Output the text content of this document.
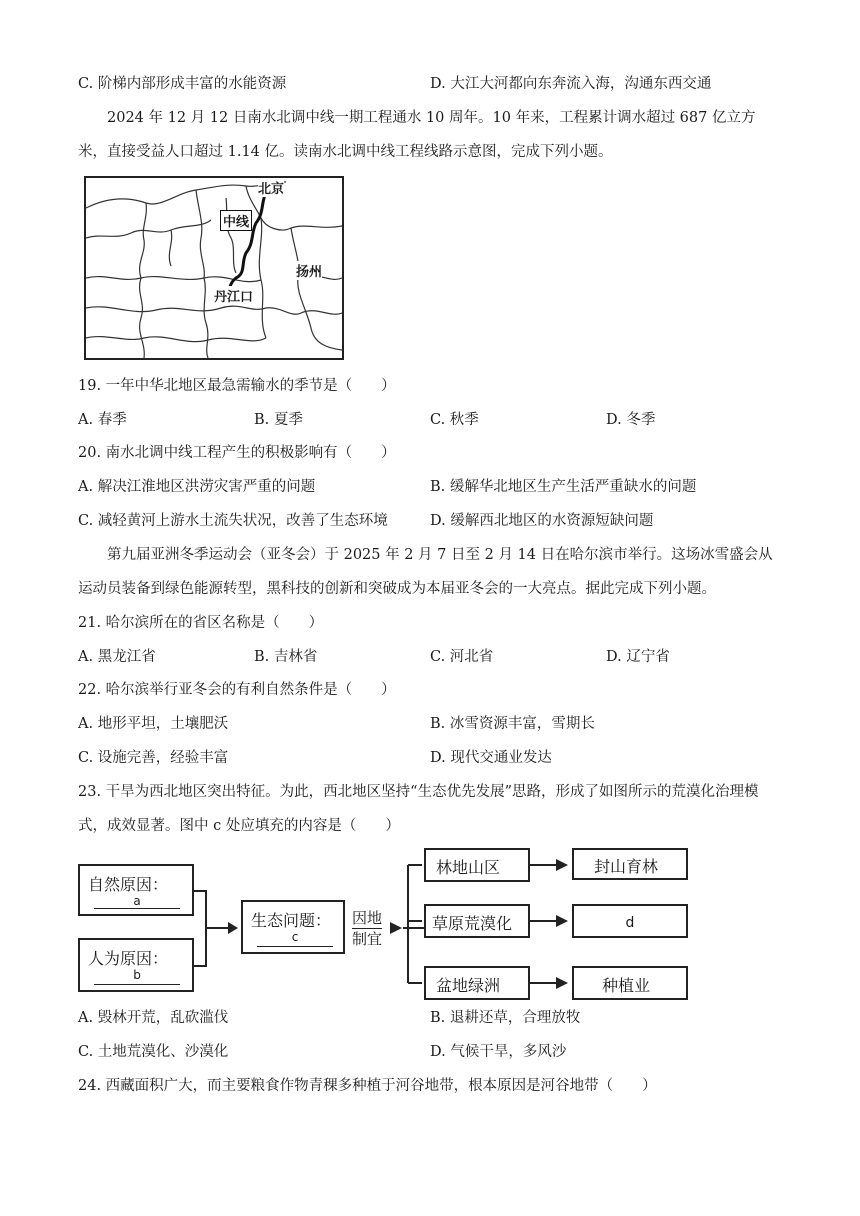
C. 阶梯内部形成丰富的水能资源	D. 大江大河都向东奔流入海，沟通东西交通
2024 年 12 月 12 日南水北调中线一期工程通水 10 周年。10 年来，工程累计调水超过 687 亿立方米，直接受益人口超过 1.14 亿。读南水北调中线工程线路示意图，完成下列小题。
北京
中线
扬州
丹江口
19. 一年中华北地区最急需输水的季节是（　　）
A. 春季	B. 夏季	C. 秋季	D. 冬季
20. 南水北调中线工程产生的积极影响有（　　）
A. 解决江淮地区洪涝灾害严重的问题	B. 缓解华北地区生产生活严重缺水的问题
C. 减轻黄河上游水土流失状况，改善了生态环境	D. 缓解西北地区的水资源短缺问题
第九届亚洲冬季运动会（亚冬会）于 2025 年 2 月 7 日至 2 月 14 日在哈尔滨市举行。这场冰雪盛会从运动员装备到绿色能源转型，黑科技的创新和突破成为本届亚冬会的一大亮点。据此完成下列小题。
21. 哈尔滨所在的省区名称是（　　）
A. 黑龙江省	B. 吉林省	C. 河北省	D. 辽宁省
22. 哈尔滨举行亚冬会的有利自然条件是（　　）
A. 地形平坦，土壤肥沃	B. 冰雪资源丰富，雪期长
C. 设施完善，经验丰富	D. 现代交通业发达
23. 干旱为西北地区突出特征。为此，西北地区坚持“生态优先发展”思路，形成了如图所示的荒漠化治理模式，成效显著。图中 c 处应填充的内容是（　　）
自然原因：
a
人为原因：
b
生态问题：
c
因地
制宜
林地山区	封山育林
草原荒漠化	d
盆地绿洲	种植业
A. 毁林开荒，乱砍滥伐	B. 退耕还草，合理放牧
C. 土地荒漠化、沙漠化	D. 气候干旱，多风沙
24. 西藏面积广大，而主要粮食作物青稞多种植于河谷地带，根本原因是河谷地带（　　）
